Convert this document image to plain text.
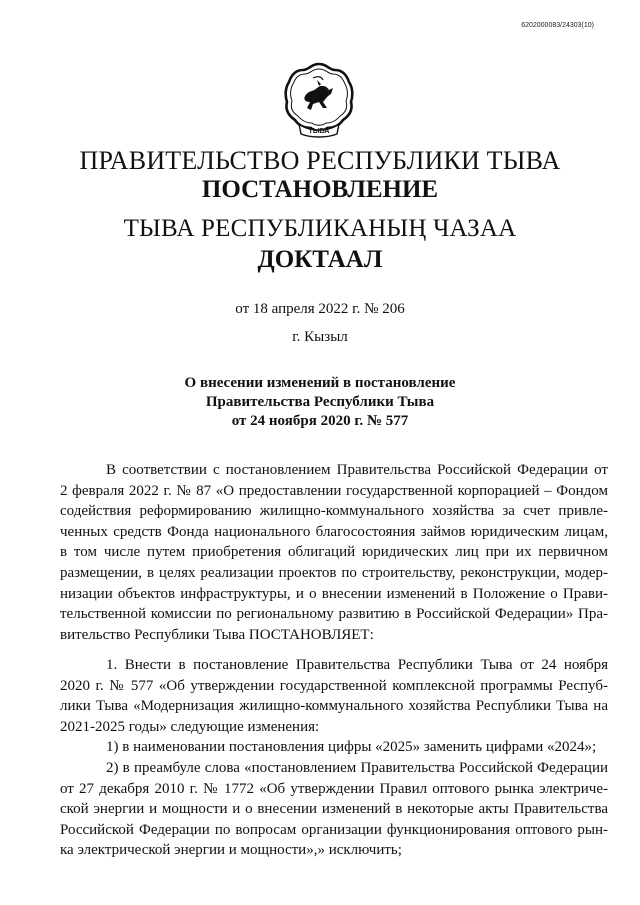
6202000083/24303(10)
ТЫВА
ПРАВИТЕЛЬСТВО РЕСПУБЛИКИ ТЫВА
ПОСТАНОВЛЕНИЕ
ТЫВА РЕСПУБЛИКАНЫҢ ЧАЗАА
ДОКТААЛ
от 18 апреля 2022 г. № 206
г. Кызыл
О внесении изменений в постановление
Правительства Республики Тыва
от 24 ноября 2020 г. № 577
В соответствии с постановлением Правительства Российской Федерации от
2 февраля 2022 г. № 87 «О предоставлении государственной корпорацией – Фондом
содействия реформированию жилищно-коммунального хозяйства за счет привле-
ченных средств Фонда национального благосостояния займов юридическим лицам,
в том числе путем приобретения облигаций юридических лиц при их первичном
размещении, в целях реализации проектов по строительству, реконструкции, модер-
низации объектов инфраструктуры, и о внесении изменений в Положение о Прави-
тельственной комиссии по региональному развитию в Российской Федерации» Пра-
вительство Республики Тыва ПОСТАНОВЛЯЕТ:
1. Внести в постановление Правительства Республики Тыва от 24 ноября
2020 г. № 577 «Об утверждении государственной комплексной программы Респуб-
лики Тыва «Модернизация жилищно-коммунального хозяйства Республики Тыва на
2021-2025 годы» следующие изменения:
1) в наименовании постановления цифры «2025» заменить цифрами «2024»;
2) в преамбуле слова «постановлением Правительства Российской Федерации
от 27 декабря 2010 г. № 1772 «Об утверждении Правил оптового рынка электриче-
ской энергии и мощности и о внесении изменений в некоторые акты Правительства
Российской Федерации по вопросам организации функционирования оптового рын-
ка электрической энергии и мощности»,» исключить;
